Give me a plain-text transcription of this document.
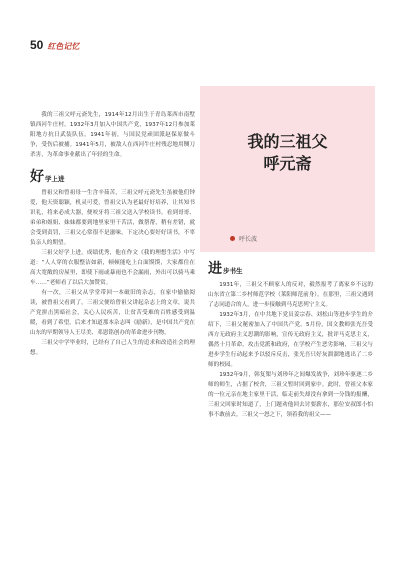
50 红色记忆

我的三祖父呼元斋先生，1914年12月出生于青岛莱西市南墅镇西河牛庄村。1932年3月加入中国共产党，1937年12月参加莱阳地方抗日武装队伍。1941年初，与国民党顽固派赵保原做斗争，受伤后被捕。1941年5月，被敌人在西河牛庄村残忍地用铡刀杀害，为革命事业献出了年轻的生命。

好 学上进

曾祖父和曾祖母一生含辛茹苦，三祖父呼元斋先生虽被他们钟爱，他天资聪颖，机灵可爱，曾祖父认为老最好好培养，让其知书识礼，将来必成大器，便咬牙将三祖父送入学校读书。看到哥哥、弟弟和姐姐、妹妹都要到地里家里干苦活，做帮帮，稍有差错，就会受到责罚，三祖父心常很不是滋味，下定决心要好好读书，不辜负亲人的期望。

三祖父好学上进，成绩优秀，他在作文《我的理想生活》中写道：“人人穿的衣服整洁如新，顿顿能吃上白面馍馍，大家都住在高大宽敞的房屋里，即使下雨或暴雨也不会漏雨，外出可以骑马乘车……”老师看了以后大加赞赏。

有一次，三祖父从学堂带回一本破旧的杂志，在家中偷偷阅读，被曾祖父看到了。三祖父便给曾祖父讲起杂志上的文章，说共产党拼击黑暗社会，关心人民疾苦，让贫苦受难的百姓感受到温暖，看到了希望。后来才知道那本杂志叫《励新》，是中国共产党在山东的早期领导人王尽美、邓恩铭创办的革命进步刊物。

三祖父中学毕业时，已经有了自己人生的追求和改造社会的理想。

我的三祖父
呼元斋
呼长波
进 步书生

1931年，三祖父不顾家人的反对，毅然报考了离家乡不远的山东省立第二乡村师范学校（莱阳师范前身）。在那里，三祖父遇到了志同道合的人，进一步接触到马克思列宁主义。

1932年3月，在中共地下党员姜宗春、刘松山等进步学生的介绍下，三祖父秘密加入了中国共产党。5月份，国文教师张光吾受西方无政府主义思潮的影响，宣传无政府主义，批评马克思主义，偶然十月革命，攻击党派和政府，在学校产生恶劣影响，三祖父与进步学生行动起来予以驳斥反击，张光吾只好灰溜溜地逃出了二乡师的校园。

1932年9月，韩复榘与刘珍年之间爆发战争，刘珍年驱逐二乡师的师生，占据了校舍，三祖父暂时回到家中。此时，曾祖父本家的一位元亲在地主家里干活，临走前失却没有拿到一分钱的报酬，三祖父回家时知道了，上门题劝他回去讨要薪水，那位安叔郎小怕事不敢前去。三祖父一怒之下，领着我的祖父——
